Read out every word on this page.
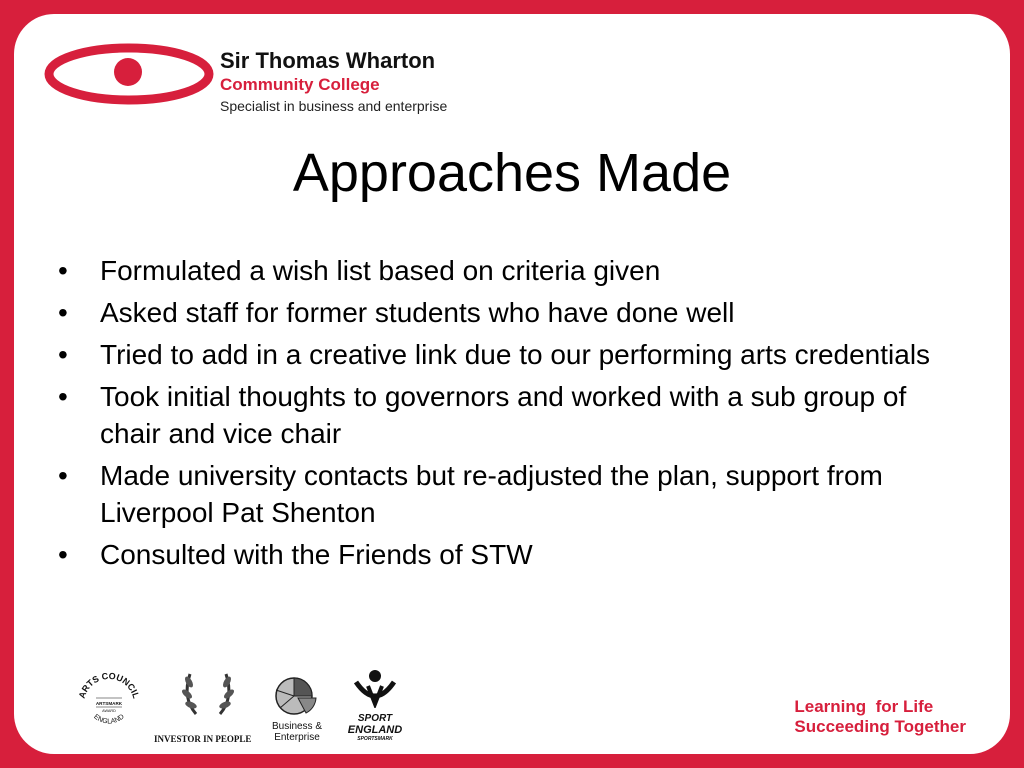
Sir Thomas Wharton
Community College
Specialist in business and enterprise
Approaches Made
• Formulated a wish list based on criteria given
• Asked staff for former students who have done well
• Tried to add in a creative link due to our performing arts credentials
• Took initial thoughts to governors and worked with a sub group of chair and vice chair
• Made university contacts but re-adjusted the plan, support from Liverpool Pat Shenton
• Consulted with the Friends of STW
ARTS COUNCIL
ENGLAND
ARTSMARK
AWARD
INVESTOR IN PEOPLE
Business &
Enterprise
SPORT
ENGLAND
SPORTSMARK
Learning  for Life
Succeeding Together
